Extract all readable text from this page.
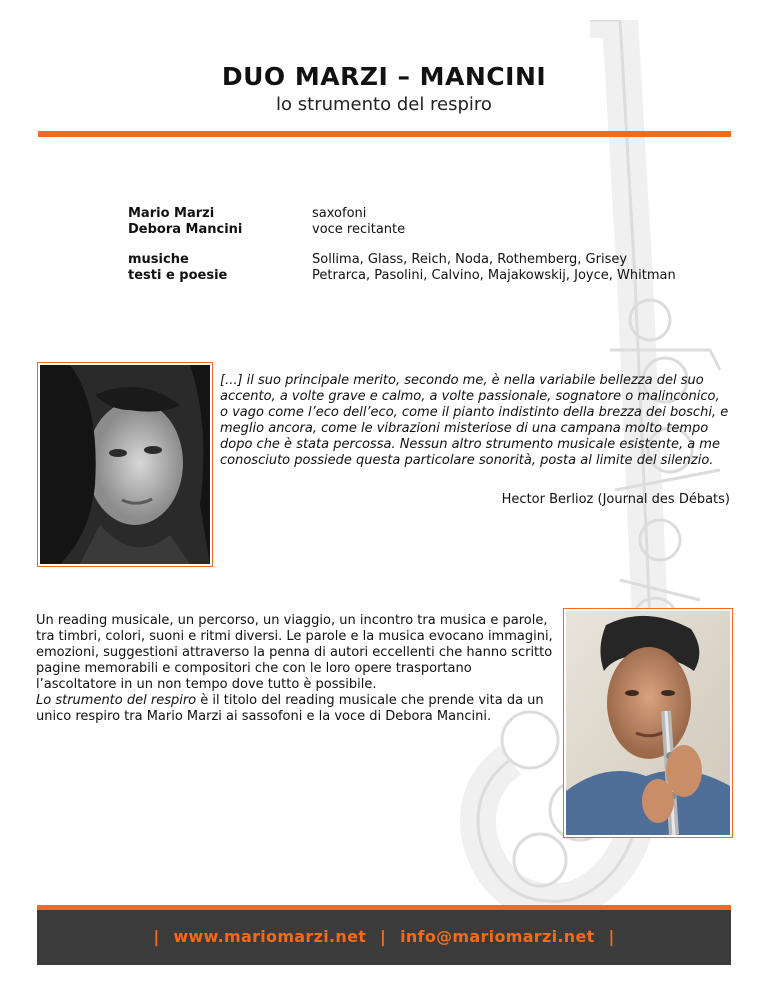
DUO MARZI – MANCINI
lo strumento del respiro
Mario Marzi
Debora Mancini
saxofoni
voce recitante
musiche
testi e poesie
Sollima, Glass, Reich, Noda, Rothemberg, Grisey
Petrarca, Pasolini, Calvino, Majakowskij, Joyce, Whitman
[...] il suo principale merito, secondo me, è nella variabile bellezza del suo accento, a volte grave e calmo, a volte passionale, sognatore o malinconico, o vago come l’eco dell’eco, come il pianto indistinto della brezza dei boschi, e meglio ancora, come le vibrazioni misteriose di una campana molto tempo dopo che è stata percossa. Nessun altro strumento musicale esistente, a me conosciuto possiede questa particolare sonorità, posta al limite del silenzio.
Hector Berlioz (Journal des Débats)
Un reading musicale, un percorso, un viaggio, un incontro tra musica e parole, tra timbri, colori, suoni e ritmi diversi. Le parole e la musica evocano immagini, emozioni, suggestioni attraverso la penna di autori eccellenti che hanno scritto pagine memorabili e compositori che con le loro opere trasportano l’ascoltatore in un non tempo dove tutto è possibile.
Lo strumento del respiro è il titolo del reading musicale che prende vita da un unico respiro tra Mario Marzi ai sassofoni e la voce di Debora Mancini.
| www.mariomarzi.net | info@mariomarzi.net |
